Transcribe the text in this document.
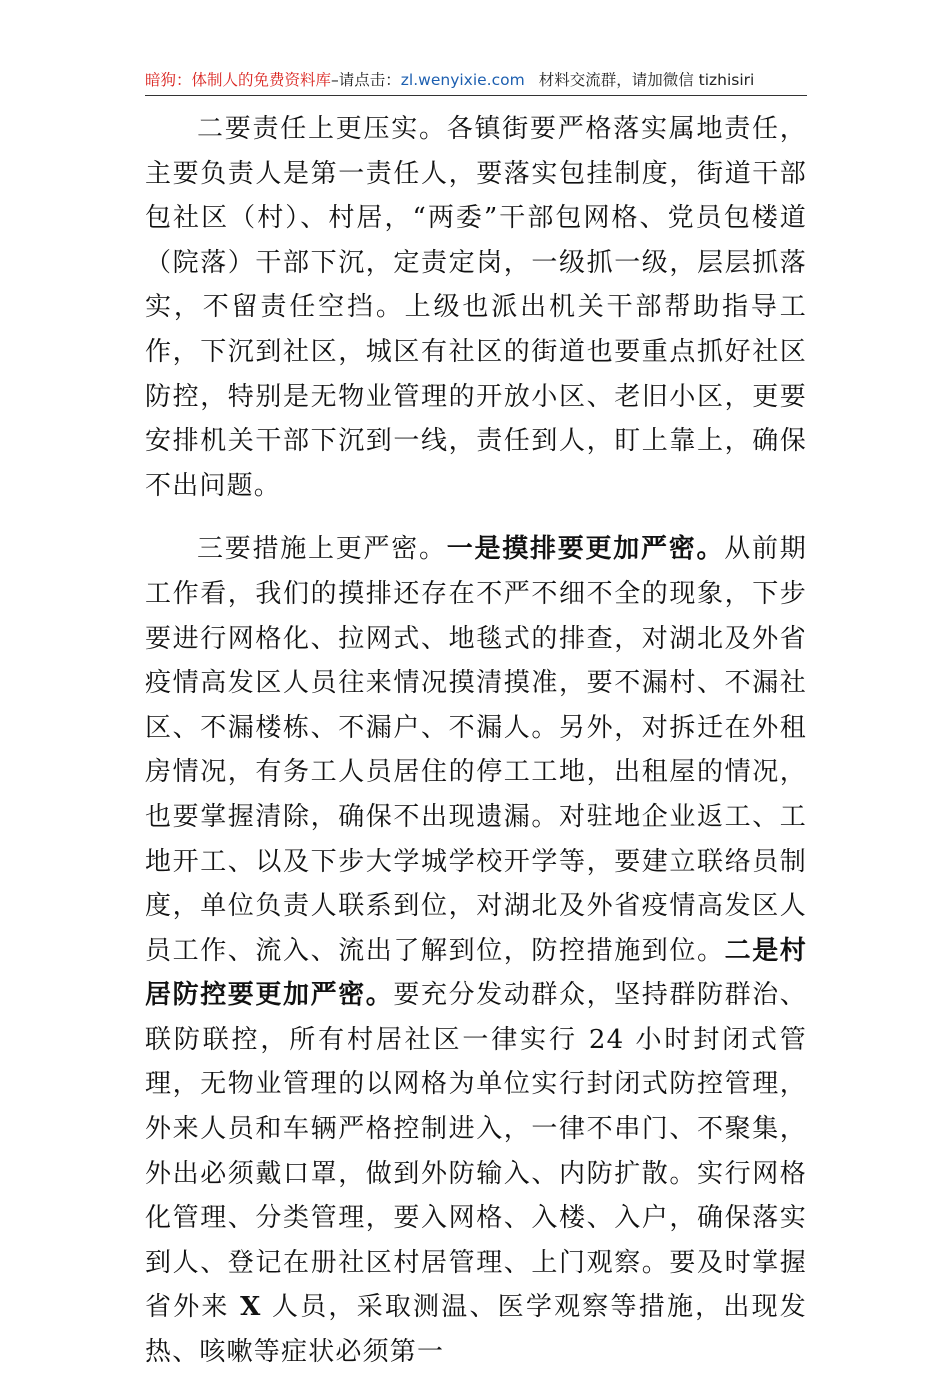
暗狗：体制人的免费资料库–请点击：zl.wenyixie.com 材料交流群，请加微信 tizhisiri

二要责任上更压实。各镇街要严格落实属地责任，主要负责人是第一责任人，要落实包挂制度，街道干部包社区（村）、村居，“两委”干部包网格、党员包楼道（院落）干部下沉，定责定岗，一级抓一级，层层抓落实，不留责任空挡。上级也派出机关干部帮助指导工作，下沉到社区，城区有社区的街道也要重点抓好社区防控，特别是无物业管理的开放小区、老旧小区，更要安排机关干部下沉到一线，责任到人，盯上靠上，确保不出问题。

三要措施上更严密。一是摸排要更加严密。从前期工作看，我们的摸排还存在不严不细不全的现象，下步要进行网格化、拉网式、地毯式的排查，对湖北及外省疫情高发区人员往来情况摸清摸准，要不漏村、不漏社区、不漏楼栋、不漏户、不漏人。另外，对拆迁在外租房情况，有务工人员居住的停工工地，出租屋的情况，也要掌握清除，确保不出现遗漏。对驻地企业返工、工地开工、以及下步大学城学校开学等，要建立联络员制度，单位负责人联系到位，对湖北及外省疫情高发区人员工作、流入、流出了解到位，防控措施到位。二是村居防控要更加严密。要充分发动群众，坚持群防群治、联防联控，所有村居社区一律实行 24 小时封闭式管理，无物业管理的以网格为单位实行封闭式防控管理，外来人员和车辆严格控制进入，一律不串门、不聚集，外出必须戴口罩，做到外防输入、内防扩散。实行网格化管理、分类管理，要入网格、入楼、入户，确保落实到人、登记在册社区村居管理、上门观察。要及时掌握省外来 X 人员，采取测温、医学观察等措施，出现发热、咳嗽等症状必须第一
